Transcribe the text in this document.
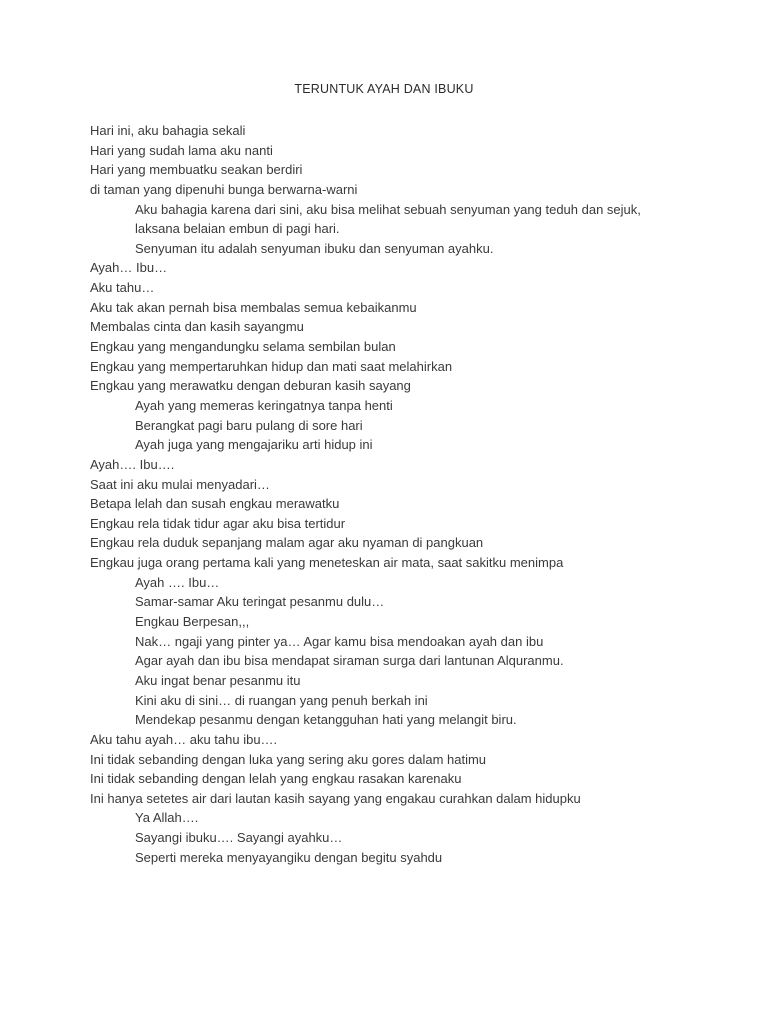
TERUNTUK AYAH DAN IBUKU
Hari ini, aku bahagia sekali
Hari yang sudah lama aku nanti
Hari yang membuatku seakan berdiri
di taman yang dipenuhi bunga berwarna-warni
Aku bahagia karena dari sini, aku bisa melihat sebuah senyuman yang teduh dan sejuk,
laksana belaian embun di pagi hari.
Senyuman itu adalah senyuman ibuku dan senyuman ayahku.
Ayah… Ibu…
Aku tahu…
Aku tak akan pernah bisa membalas semua kebaikanmu
Membalas cinta dan kasih sayangmu
Engkau yang mengandungku selama sembilan bulan
Engkau yang mempertaruhkan hidup dan mati saat melahirkan
Engkau yang merawatku dengan deburan kasih sayang
Ayah yang memeras keringatnya tanpa henti
Berangkat pagi baru pulang di sore hari
Ayah juga yang mengajariku arti hidup ini
Ayah…. Ibu….
Saat ini aku mulai menyadari…
Betapa lelah dan susah engkau merawatku
Engkau rela tidak tidur agar aku bisa tertidur
Engkau rela duduk sepanjang malam agar aku nyaman di pangkuan
Engkau juga orang pertama kali yang meneteskan air mata, saat sakitku menimpa
Ayah …. Ibu…
Samar-samar Aku teringat pesanmu dulu…
Engkau Berpesan,,,
Nak… ngaji yang pinter ya… Agar kamu bisa mendoakan ayah dan ibu
Agar ayah dan ibu bisa mendapat siraman surga dari lantunan Alquranmu.
Aku ingat benar pesanmu itu
Kini aku di sini… di ruangan yang penuh berkah ini
Mendekap pesanmu dengan ketangguhan hati yang melangit biru.
Aku tahu ayah… aku tahu ibu….
Ini tidak sebanding dengan luka yang sering aku gores dalam hatimu
Ini tidak sebanding dengan lelah yang engkau rasakan karenaku
Ini hanya setetes air dari lautan kasih sayang yang engakau curahkan dalam hidupku
Ya Allah….
Sayangi ibuku…. Sayangi ayahku…
Seperti mereka menyayangiku dengan begitu syahdu
